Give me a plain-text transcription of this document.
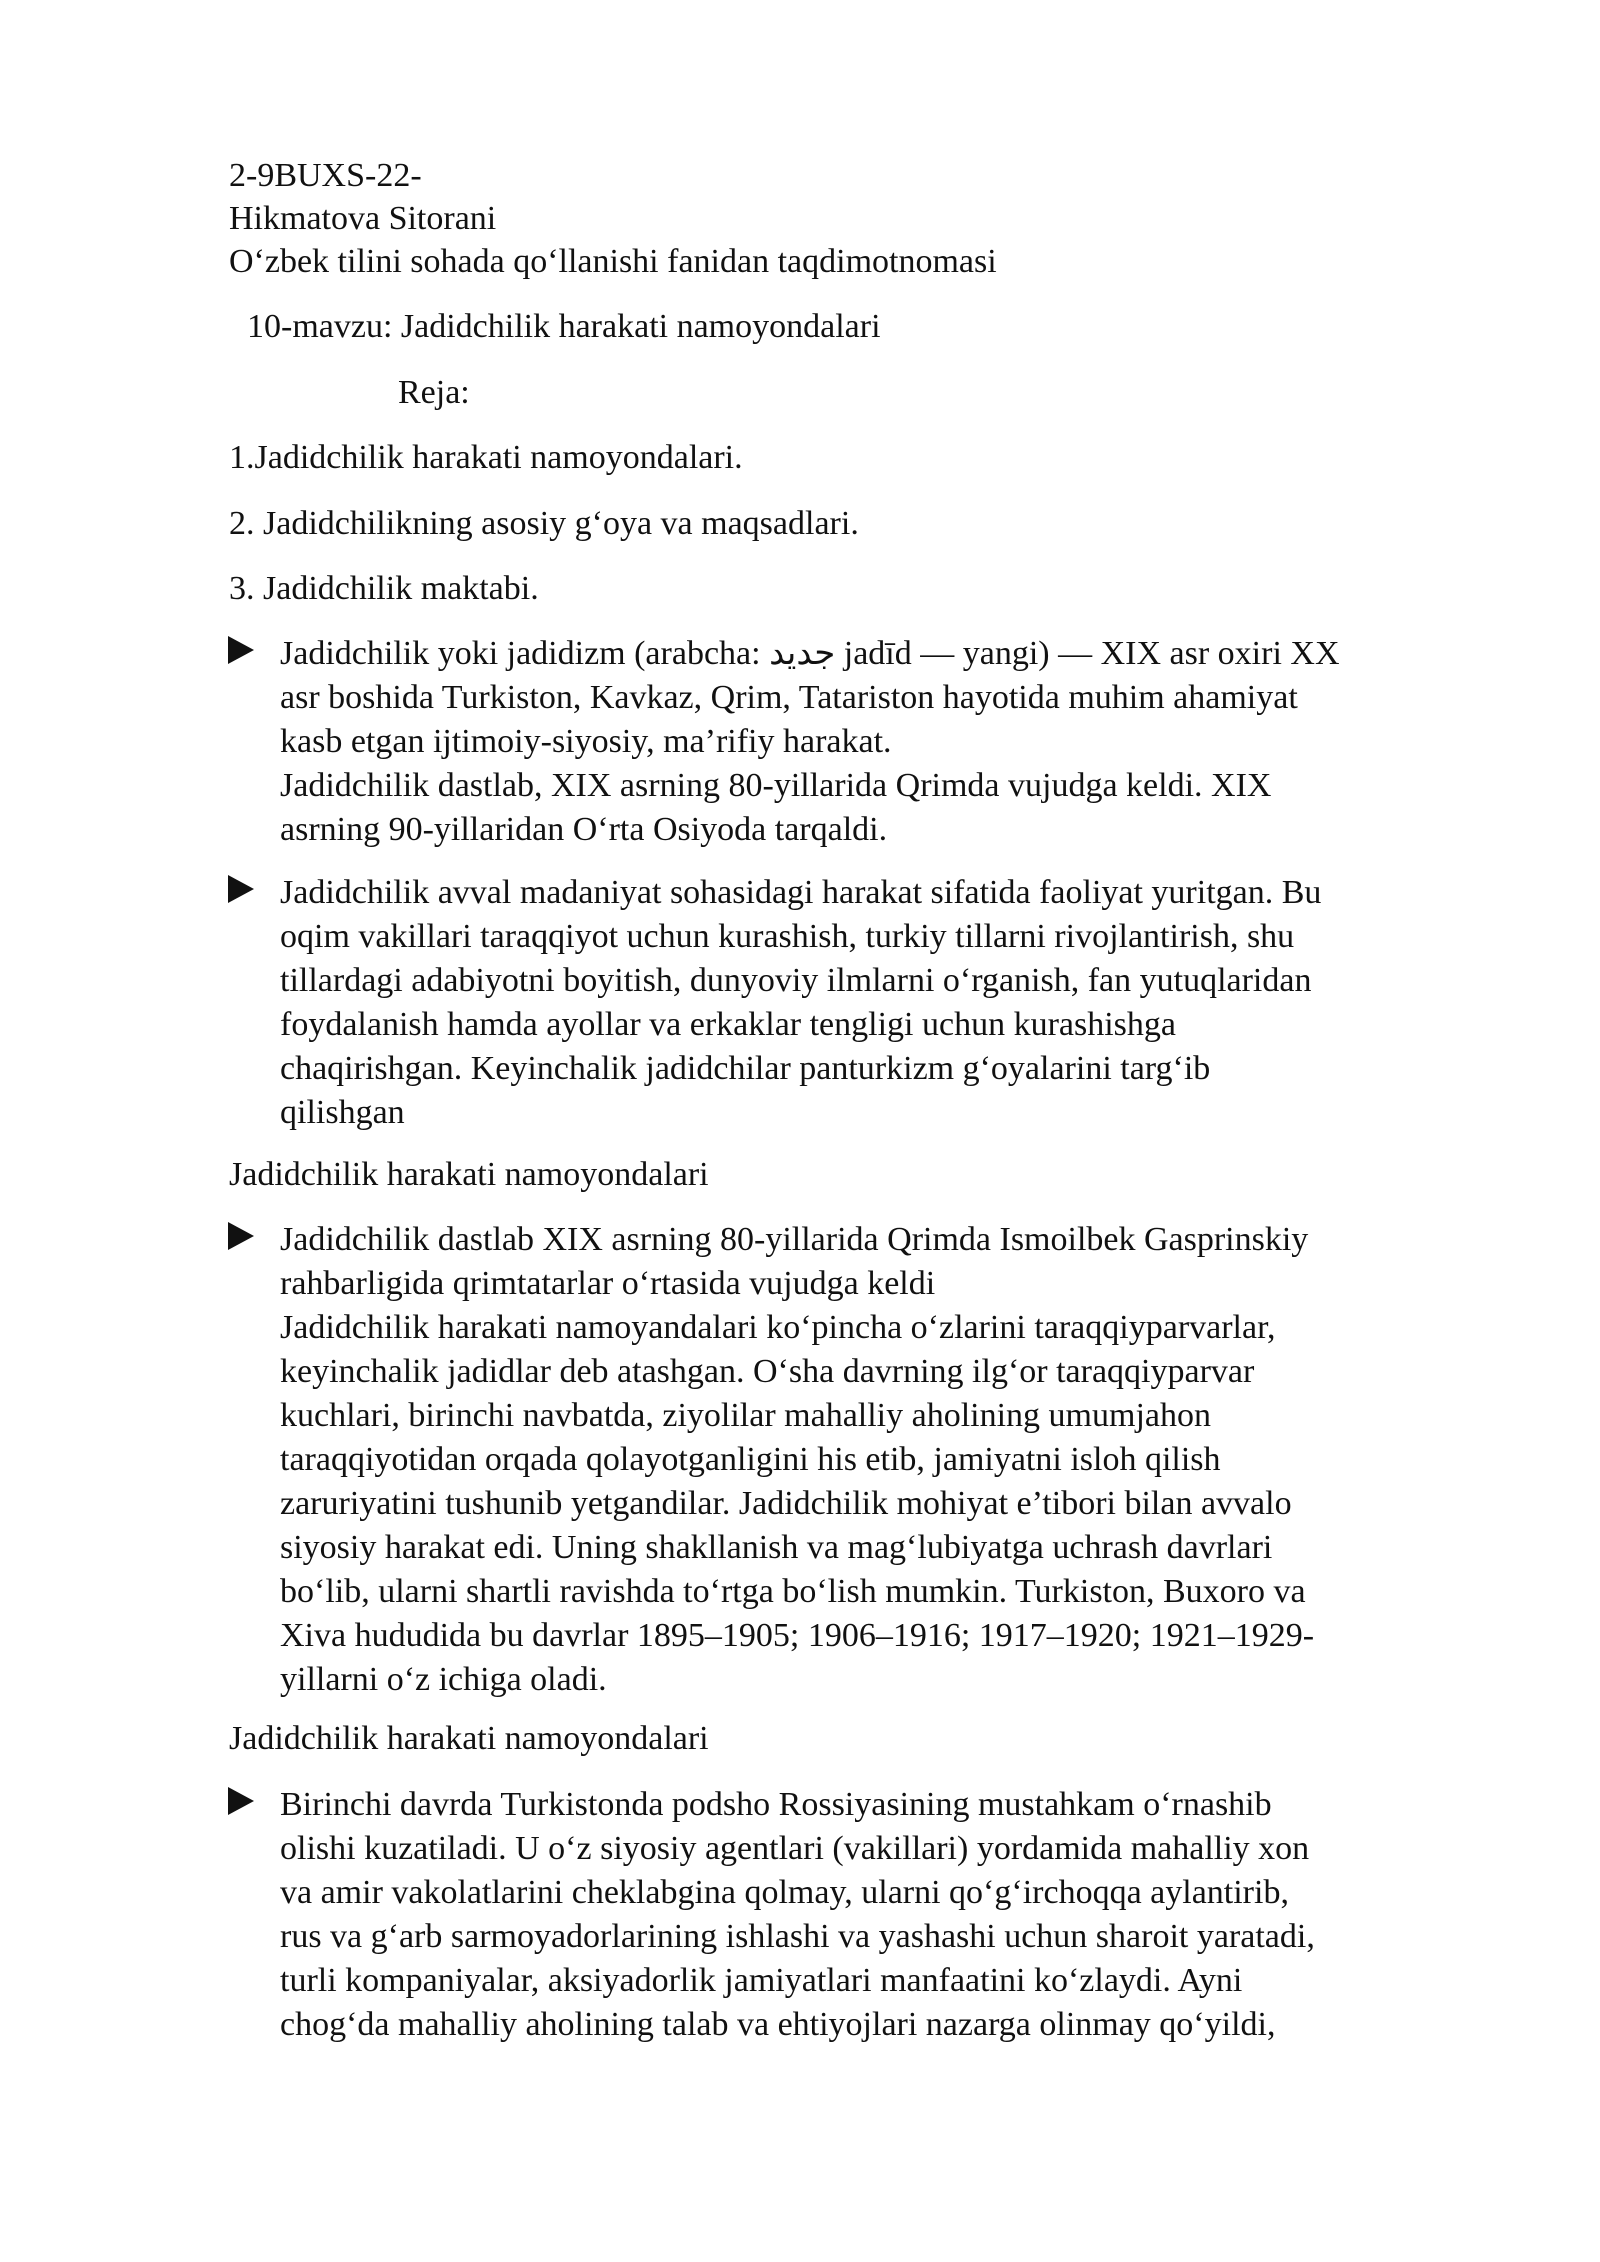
2-9BUXS-22-
Hikmatova Sitorani
O‘zbek tilini sohada qo‘llanishi fanidan taqdimotnomasi
10-mavzu: Jadidchilik harakati namoyondalari
Reja:
1.Jadidchilik harakati namoyondalari.
2. Jadidchilikning asosiy g‘oya va maqsadlari.
3. Jadidchilik maktabi.
Jadidchilik yoki jadidizm (arabcha: جديد jadīd — yangi) — XIX asr oxiri XX
asr boshida Turkiston, Kavkaz, Qrim, Tatariston hayotida muhim ahamiyat
kasb etgan ijtimoiy-siyosiy, ma’rifiy harakat.
Jadidchilik dastlab, XIX asrning 80-yillarida Qrimda vujudga keldi. XIX
asrning 90-yillaridan O‘rta Osiyoda tarqaldi.
Jadidchilik avval madaniyat sohasidagi harakat sifatida faoliyat yuritgan. Bu
oqim vakillari taraqqiyot uchun kurashish, turkiy tillarni rivojlantirish, shu
tillardagi adabiyotni boyitish, dunyoviy ilmlarni o‘rganish, fan yutuqlaridan
foydalanish hamda ayollar va erkaklar tengligi uchun kurashishga
chaqirishgan. Keyinchalik jadidchilar panturkizm g‘oyalarini targ‘ib
qilishgan
Jadidchilik harakati namoyondalari
Jadidchilik dastlab XIX asrning 80-yillarida Qrimda Ismoilbek Gasprinskiy
rahbarligida qrimtatarlar o‘rtasida vujudga keldi
Jadidchilik harakati namoyandalari ko‘pincha o‘zlarini taraqqiyparvarlar,
keyinchalik jadidlar deb atashgan. O‘sha davrning ilg‘or taraqqiyparvar
kuchlari, birinchi navbatda, ziyolilar mahalliy aholining umumjahon
taraqqiyotidan orqada qolayotganligini his etib, jamiyatni isloh qilish
zaruriyatini tushunib yetgandilar. Jadidchilik mohiyat e’tibori bilan avvalo
siyosiy harakat edi. Uning shakllanish va mag‘lubiyatga uchrash davrlari
bo‘lib, ularni shartli ravishda to‘rtga bo‘lish mumkin. Turkiston, Buxoro va
Xiva hududida bu davrlar 1895–1905; 1906–1916; 1917–1920; 1921–1929-
yillarni o‘z ichiga oladi.
Jadidchilik harakati namoyondalari
Birinchi davrda Turkistonda podsho Rossiyasining mustahkam o‘rnashib
olishi kuzatiladi. U o‘z siyosiy agentlari (vakillari) yordamida mahalliy xon
va amir vakolatlarini cheklabgina qolmay, ularni qo‘g‘irchoqqa aylantirib,
rus va g‘arb sarmoyadorlarining ishlashi va yashashi uchun sharoit yaratadi,
turli kompaniyalar, aksiyadorlik jamiyatlari manfaatini ko‘zlaydi. Ayni
chog‘da mahalliy aholining talab va ehtiyojlari nazarga olinmay qo‘yildi,
